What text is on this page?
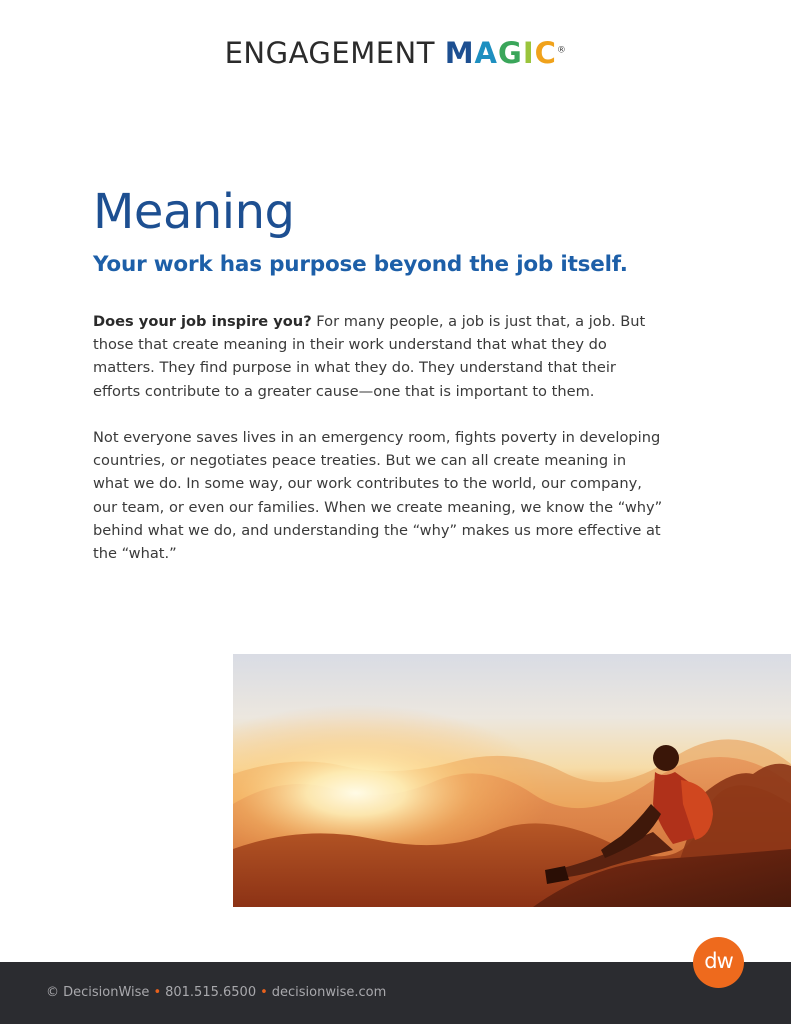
ENGAGEMENT MAGIC®
Meaning
Your work has purpose beyond the job itself.

Does your job inspire you? For many people, a job is just that, a job. But those that create meaning in their work understand that what they do matters. They find purpose in what they do. They understand that their efforts contribute to a greater cause—one that is important to them.

Not everyone saves lives in an emergency room, fights poverty in developing countries, or negotiates peace treaties. But we can all create meaning in what we do. In some way, our work contributes to the world, our company, our team, or even our families. When we create meaning, we know the “why” behind what we do, and understanding the “why” makes us more effective at the “what.”

© DecisionWise • 801.515.6500 • decisionwise.com
dw
